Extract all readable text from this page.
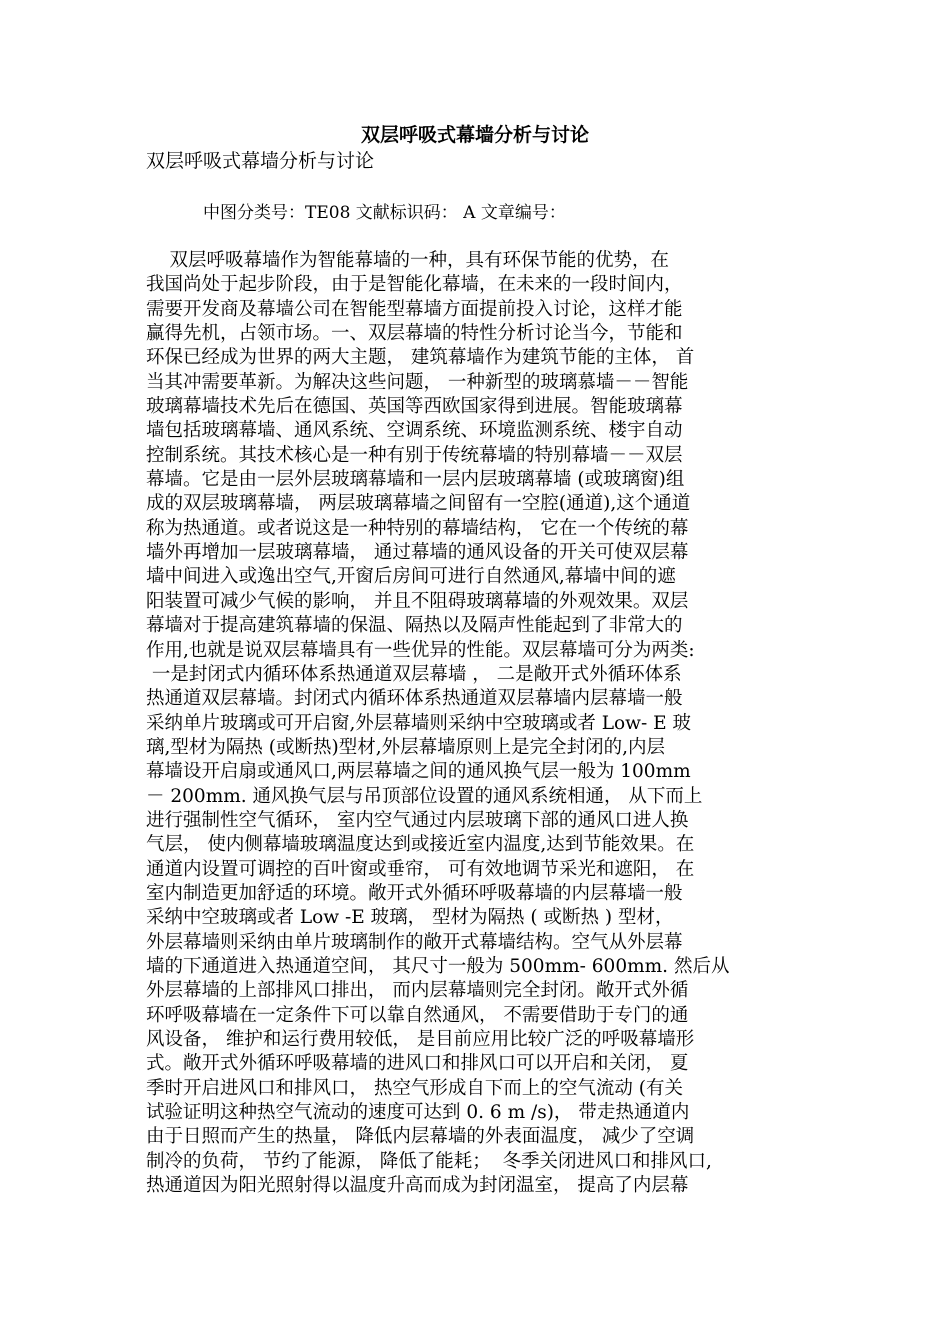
双层呼吸式幕墙分析与讨论

双层呼吸式幕墙分析与讨论

中图分类号：TE08 文献标识码： A 文章编号：

双层呼吸幕墙作为智能幕墙的一种，具有环保节能的优势，在
我国尚处于起步阶段，由于是智能化幕墙，在未来的一段时间内，
需要开发商及幕墙公司在智能型幕墙方面提前投入讨论，这样才能
赢得先机，占领市场。一、双层幕墙的特性分析讨论当今，节能和
环保已经成为世界的两大主题， 建筑幕墙作为建筑节能的主体， 首
当其冲需要革新。为解决这些问题， 一种新型的玻璃慕墙－－智能
玻璃幕墙技术先后在德国、英国等西欧国家得到进展。智能玻璃幕
墙包括玻璃幕墙、通风系统、空调系统、环境监测系统、楼宇自动
控制系统。其技术核心是一种有别于传统幕墙的特别幕墙－－双层
幕墙。它是由一层外层玻璃幕墙和一层内层玻璃幕墙 (或玻璃窗)组
成的双层玻璃幕墙， 两层玻璃幕墙之间留有一空腔(通道),这个通道
称为热通道。或者说这是一种特别的幕墙结构， 它在一个传统的幕
墙外再增加一层玻璃幕墙， 通过幕墙的通风设备的开关可使双层幕
墙中间进入或逸出空气,开窗后房间可进行自然通风,幕墙中间的遮
阳装置可减少气候的影响， 并且不阻碍玻璃幕墙的外观效果。双层
幕墙对于提高建筑幕墙的保温、隔热以及隔声性能起到了非常大的
作用,也就是说双层幕墙具有一些优异的性能。双层幕墙可分为两类:
一是封闭式内循环体系热通道双层幕墙 ， 二是敞开式外循环体系
热通道双层幕墙。封闭式内循环体系热通道双层幕墙内层幕墙一般
采纳单片玻璃或可开启窗,外层幕墙则采纳中空玻璃或者 Low- E 玻
璃,型材为隔热 (或断热)型材,外层幕墙原则上是完全封闭的,内层
幕墙设开启扇或通风口,两层幕墙之间的通风换气层一般为 100mm
－ 200mm. 通风换气层与吊顶部位设置的通风系统相通， 从下而上
进行强制性空气循环， 室内空气通过内层玻璃下部的通风口进人换
气层， 使内侧幕墙玻璃温度达到或接近室内温度,达到节能效果。在
通道内设置可调控的百叶窗或垂帘， 可有效地调节采光和遮阳， 在
室内制造更加舒适的环境。敞开式外循环呼吸幕墙的内层幕墙一般
采纳中空玻璃或者 Low -E 玻璃， 型材为隔热 ( 或断热 ) 型材，
外层幕墙则采纳由单片玻璃制作的敞开式幕墙结构。空气从外层幕
墙的下通道进入热通道空间， 其尺寸一般为 500mm- 600mm. 然后从
外层幕墙的上部排风口排出， 而内层幕墙则完全封闭。敞开式外循
环呼吸幕墙在一定条件下可以靠自然通风， 不需要借助于专门的通
风设备， 维护和运行费用较低， 是目前应用比较广泛的呼吸幕墙形
式。敞开式外循环呼吸幕墙的进风口和排风口可以开启和关闭， 夏
季时开启进风口和排风口， 热空气形成自下而上的空气流动 (有关
试验证明这种热空气流动的速度可达到 0. 6 m /s)， 带走热通道内
由于日照而产生的热量， 降低内层幕墙的外表面温度， 减少了空调
制冷的负荷， 节约了能源， 降低了能耗；  冬季关闭进风口和排风口,
热通道因为阳光照射得以温度升高而成为封闭温室， 提高了内层幕
